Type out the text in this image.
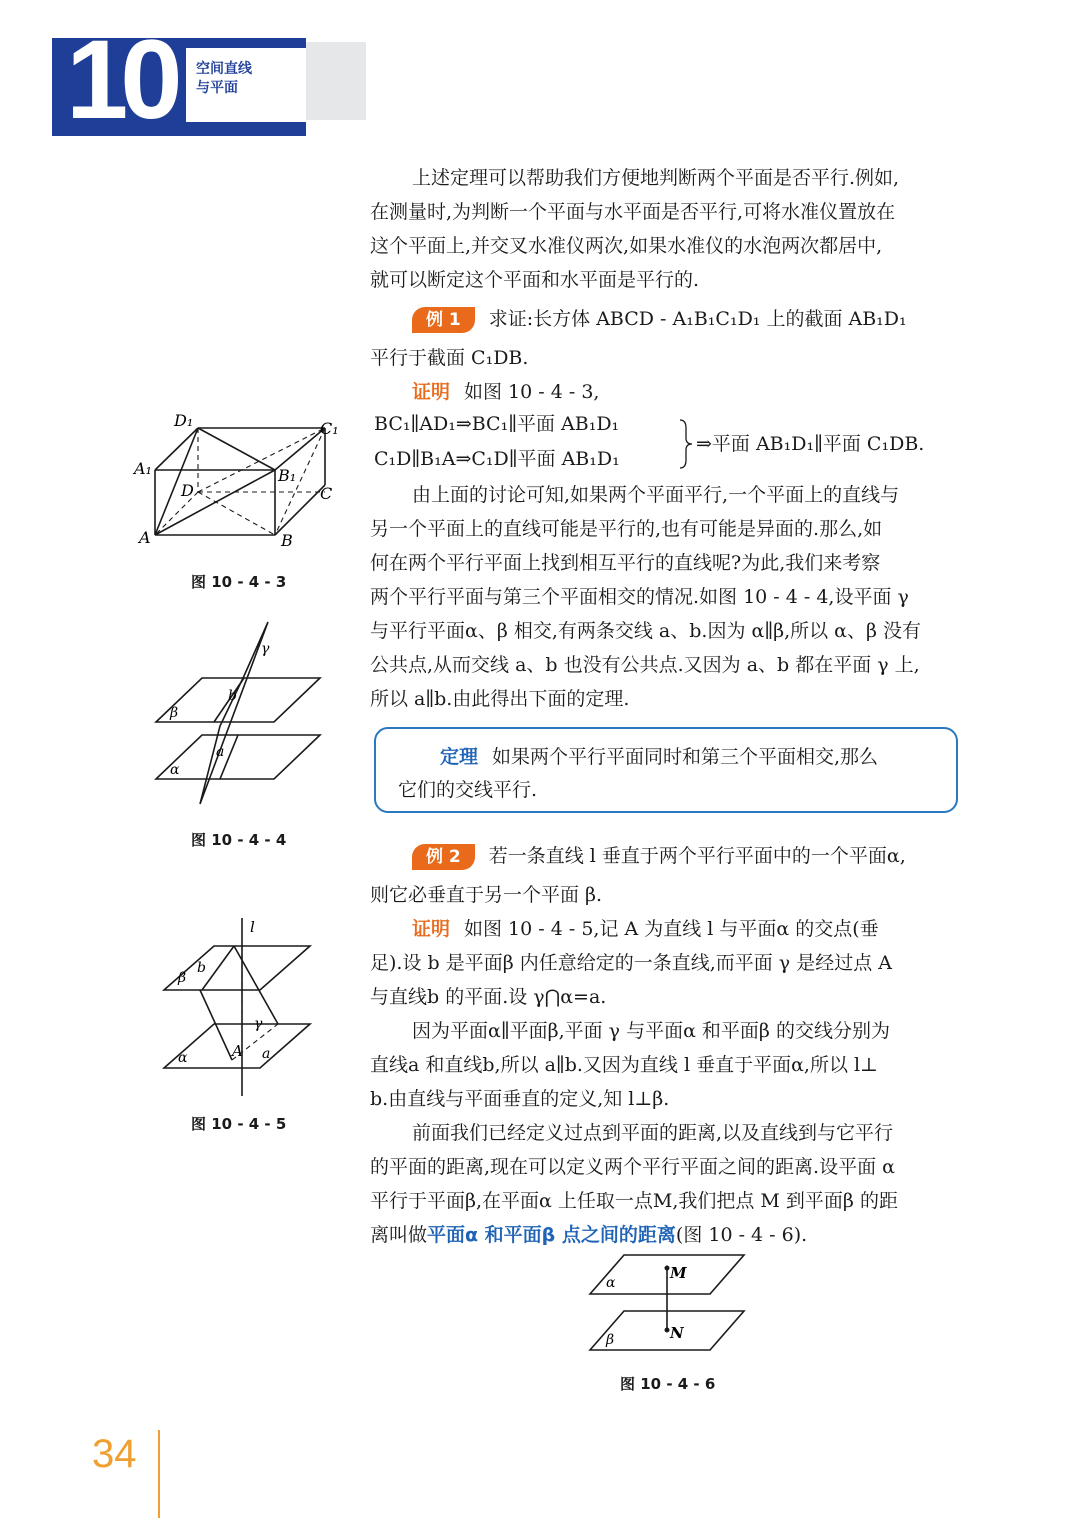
10 空间直线
与平面
上述定理可以帮助我们方便地判断两个平面是否平行.例如,
在测量时,为判断一个平面与水平面是否平行,可将水准仪置放在
这个平面上,并交叉水准仪两次,如果水准仪的水泡两次都居中,
就可以断定这个平面和水平面是平行的.
例 1 求证:长方体 ABCD - A₁B₁C₁D₁ 上的截面 AB₁D₁
平行于截面 C₁DB.
证明 如图 10 - 4 - 3,
BC₁∥AD₁⇒BC₁∥平面 AB₁D₁
C₁D∥B₁A⇒C₁D∥平面 AB₁D₁
⇒平面 AB₁D₁∥平面 C₁DB.
由上面的讨论可知,如果两个平面平行,一个平面上的直线与
另一个平面上的直线可能是平行的,也有可能是异面的.那么,如
何在两个平行平面上找到相互平行的直线呢?为此,我们来考察
两个平行平面与第三个平面相交的情况.如图 10 - 4 - 4,设平面 γ
与平行平面α、β 相交,有两条交线 a、b.因为 α∥β,所以 α、β 没有
公共点,从而交线 a、b 也没有公共点.又因为 a、b 都在平面 γ 上,
所以 a∥b.由此得出下面的定理.
定理 如果两个平行平面同时和第三个平面相交,那么
它们的交线平行.
例 2 若一条直线 l 垂直于两个平行平面中的一个平面α,
则它必垂直于另一个平面 β.
证明 如图 10 - 4 - 5,记 A 为直线 l 与平面α 的交点(垂
足).设 b 是平面β 内任意给定的一条直线,而平面 γ 是经过点 A
与直线b 的平面.设 γ⋂α=a.
因为平面α∥平面β,平面 γ 与平面α 和平面β 的交线分别为
直线a 和直线b,所以 a∥b.又因为直线 l 垂直于平面α,所以 l⊥
b.由直线与平面垂直的定义,知 l⊥β.
前面我们已经定义过点到平面的距离,以及直线到与它平行
的平面的距离,现在可以定义两个平行平面之间的距离.设平面 α
平行于平面β,在平面α 上任取一点M,我们把点 M 到平面β 的距
离叫做平面α 和平面β 点之间的距离(图 10 - 4 - 6).
D₁	C₁
A₁	B₁
D	C
A	B
图 10 - 4 - 3
γ
b
β
a
α
图 10 - 4 - 4
l
b
β
γ
A a
α
图 10 - 4 - 5
M
α
N
β
图 10 - 4 - 6
34
